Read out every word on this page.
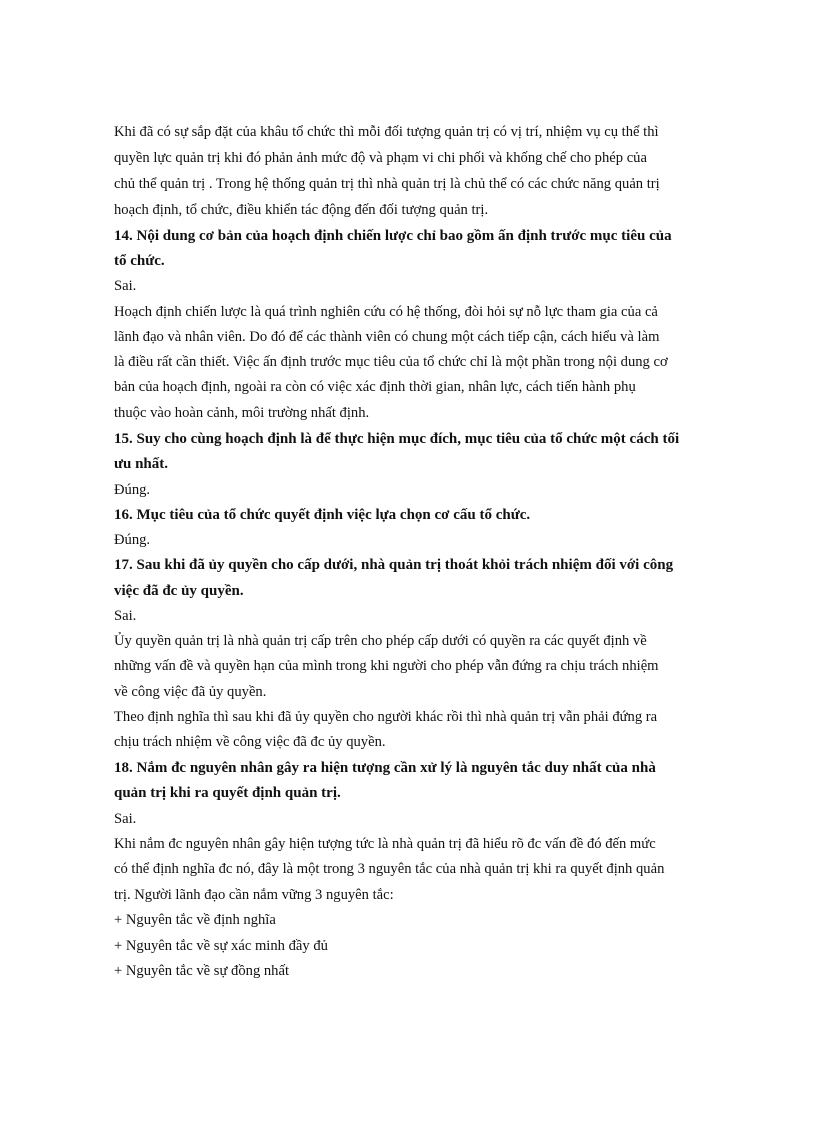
Khi đã có sự sắp đặt của khâu tổ chức thì mỗi đối tượng quản trị có vị trí, nhiệm vụ cụ thể thì

quyền lực quản trị khi đó phản ảnh mức độ và phạm vi chi phối và khống chế cho phép của

chủ thể quản trị . Trong hệ thống quản trị thì nhà quản trị là chủ thể có các chức năng quản trị

hoạch định, tổ chức, điều khiển tác động đến đối tượng quản trị.

14. Nội dung cơ bản của hoạch định chiến lược chỉ bao gồm ấn định trước mục tiêu của

tổ chức.

Sai.

Hoạch định chiến lược là quá trình nghiên cứu có hệ thống, đòi hỏi sự nỗ lực tham gia của cả

lãnh đạo và nhân viên. Do đó để các thành viên có chung một cách tiếp cận, cách hiểu và làm

là điều rất cần thiết. Việc ấn định trước mục tiêu của tổ chức chỉ là một phần trong nội dung cơ

bản của hoạch định, ngoài ra còn có việc xác định thời gian, nhân lực, cách tiến hành phụ

thuộc vào hoàn cảnh, môi trường nhất định.

15. Suy cho cùng hoạch định là để thực hiện mục đích, mục tiêu của tổ chức một cách tối

ưu nhất.

Đúng.

16. Mục tiêu của tổ chức quyết định việc lựa chọn cơ cấu tổ chức.

Đúng.

17. Sau khi đã ủy quyền cho cấp dưới, nhà quản trị thoát khỏi trách nhiệm đối với công

việc đã đc ủy quyền.

Sai.

Ủy quyền quản trị là nhà quản trị cấp trên cho phép cấp dưới có quyền ra các quyết định về

những vấn đề và quyền hạn của mình trong khi người cho phép vẫn đứng ra chịu trách nhiệm

về công việc đã ủy quyền.

Theo định nghĩa thì sau khi đã ủy quyền cho người khác rồi thì nhà quản trị vẫn phải đứng ra

chịu trách nhiệm về công việc đã đc ủy quyền.

18. Nắm đc nguyên nhân gây ra hiện tượng cần xử lý là nguyên tắc duy nhất của nhà

quản trị khi ra quyết định quản trị.

Sai.

Khi nắm đc nguyên nhân gây hiện tượng tức là nhà quản trị đã hiểu rõ đc vấn đề đó đến mức

có thể định nghĩa đc nó, đây là một trong 3 nguyên tắc của nhà quản trị khi ra quyết định quản

trị. Người lãnh đạo cần nắm vững 3 nguyên tắc:

+ Nguyên tắc về định nghĩa

+ Nguyên tắc về sự xác minh đầy đủ

+ Nguyên tắc về sự đồng nhất
